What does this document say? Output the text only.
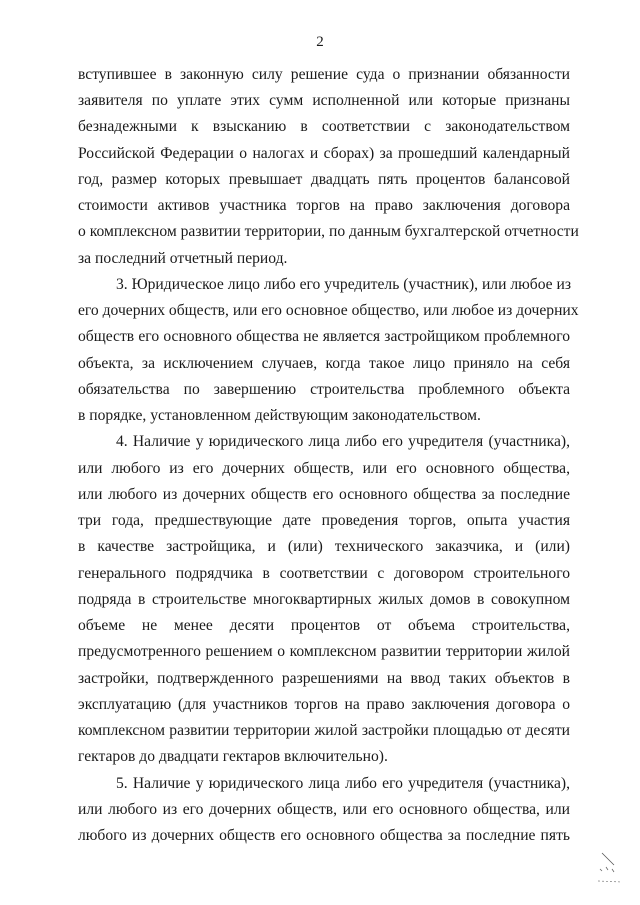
2
вступившее в законную силу решение суда о признании обязанности
заявителя по уплате этих сумм исполненной или которые признаны
безнадежными к взысканию в соответствии с законодательством
Российской Федерации о налогах и сборах) за прошедший календарный
год, размер которых превышает двадцать пять процентов балансовой
стоимости активов участника торгов на право заключения договора
о комплексном развитии территории, по данным бухгалтерской отчетности
за последний отчетный период.
3. Юридическое лицо либо его учредитель (участник), или любое из
его дочерних обществ, или его основное общество, или любое из дочерних
обществ его основного общества не является застройщиком проблемного
объекта, за исключением случаев, когда такое лицо приняло на себя
обязательства по завершению строительства проблемного объекта
в порядке, установленном действующим законодательством.
4. Наличие у юридического лица либо его учредителя (участника),
или любого из его дочерних обществ, или его основного общества,
или любого из дочерних обществ его основного общества за последние
три года, предшествующие дате проведения торгов, опыта участия
в качестве застройщика, и (или) технического заказчика, и (или)
генерального подрядчика в соответствии с договором строительного
подряда в строительстве многоквартирных жилых домов в совокупном
объеме не менее десяти процентов от объема строительства,
предусмотренного решением о комплексном развитии территории жилой
застройки, подтвержденного разрешениями на ввод таких объектов в
эксплуатацию (для участников торгов на право заключения договора о
комплексном развитии территории жилой застройки площадью от десяти
гектаров до двадцати гектаров включительно).
5. Наличие у юридического лица либо его учредителя (участника),
или любого из его дочерних обществ, или его основного общества, или
любого из дочерних обществ его основного общества за последние пять
